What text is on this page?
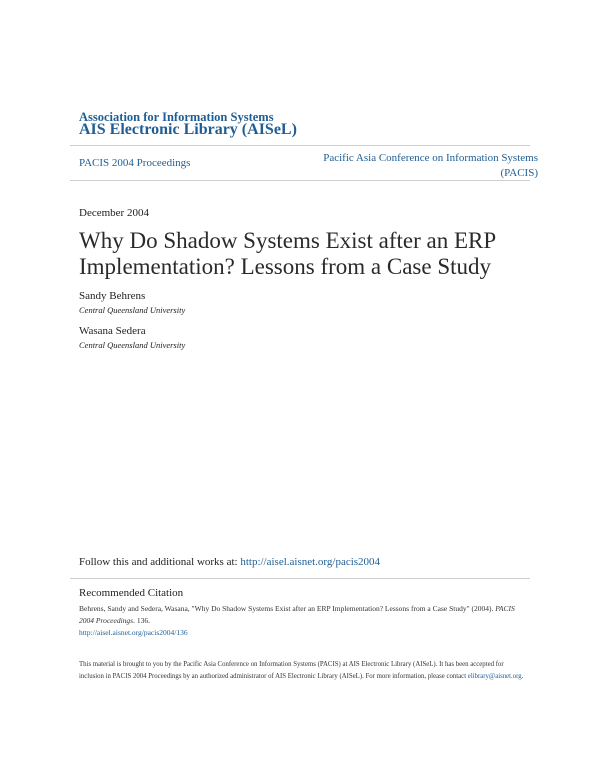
Association for Information Systems
AIS Electronic Library (AISeL)
PACIS 2004 Proceedings	Pacific Asia Conference on Information Systems
(PACIS)
December 2004
Why Do Shadow Systems Exist after an ERP Implementation? Lessons from a Case Study
Sandy Behrens
Central Queensland University
Wasana Sedera
Central Queensland University
Follow this and additional works at: http://aisel.aisnet.org/pacis2004
Recommended Citation
Behrens, Sandy and Sedera, Wasana, "Why Do Shadow Systems Exist after an ERP Implementation? Lessons from a Case Study" (2004). PACIS 2004 Proceedings. 136.
http://aisel.aisnet.org/pacis2004/136
This material is brought to you by the Pacific Asia Conference on Information Systems (PACIS) at AIS Electronic Library (AISeL). It has been accepted for inclusion in PACIS 2004 Proceedings by an authorized administrator of AIS Electronic Library (AISeL). For more information, please contact elibrary@aisnet.org.
